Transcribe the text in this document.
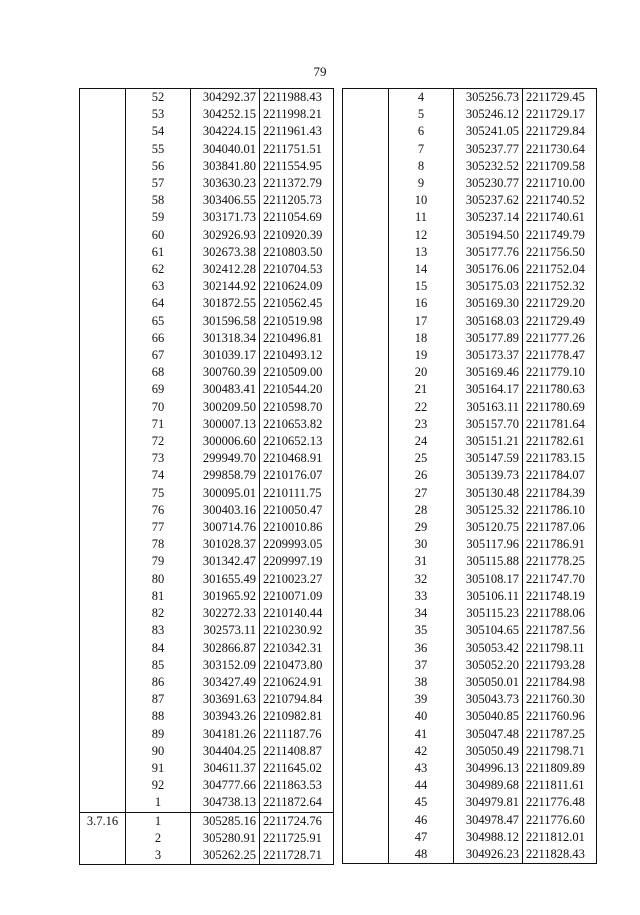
79
	52	304292.37	2211988.43
	53	304252.15	2211998.21
	54	304224.15	2211961.43
	55	304040.01	2211751.51
	56	303841.80	2211554.95
	57	303630.23	2211372.79
	58	303406.55	2211205.73
	59	303171.73	2211054.69
	60	302926.93	2210920.39
	61	302673.38	2210803.50
	62	302412.28	2210704.53
	63	302144.92	2210624.09
	64	301872.55	2210562.45
	65	301596.58	2210519.98
	66	301318.34	2210496.81
	67	301039.17	2210493.12
	68	300760.39	2210509.00
	69	300483.41	2210544.20
	70	300209.50	2210598.70
	71	300007.13	2210653.82
	72	300006.60	2210652.13
	73	299949.70	2210468.91
	74	299858.79	2210176.07
	75	300095.01	2210111.75
	76	300403.16	2210050.47
	77	300714.76	2210010.86
	78	301028.37	2209993.05
	79	301342.47	2209997.19
	80	301655.49	2210023.27
	81	301965.92	2210071.09
	82	302272.33	2210140.44
	83	302573.11	2210230.92
	84	302866.87	2210342.31
	85	303152.09	2210473.80
	86	303427.49	2210624.91
	87	303691.63	2210794.84
	88	303943.26	2210982.81
	89	304181.26	2211187.76
	90	304404.25	2211408.87
	91	304611.37	2211645.02
	92	304777.66	2211863.53
	1	304738.13	2211872.64
3.7.16	1	305285.16	2211724.76
	2	305280.91	2211725.91
	3	305262.25	2211728.71
	4	305256.73	2211729.45
	5	305246.12	2211729.17
	6	305241.05	2211729.84
	7	305237.77	2211730.64
	8	305232.52	2211709.58
	9	305230.77	2211710.00
	10	305237.62	2211740.52
	11	305237.14	2211740.61
	12	305194.50	2211749.79
	13	305177.76	2211756.50
	14	305176.06	2211752.04
	15	305175.03	2211752.32
	16	305169.30	2211729.20
	17	305168.03	2211729.49
	18	305177.89	2211777.26
	19	305173.37	2211778.47
	20	305169.46	2211779.10
	21	305164.17	2211780.63
	22	305163.11	2211780.69
	23	305157.70	2211781.64
	24	305151.21	2211782.61
	25	305147.59	2211783.15
	26	305139.73	2211784.07
	27	305130.48	2211784.39
	28	305125.32	2211786.10
	29	305120.75	2211787.06
	30	305117.96	2211786.91
	31	305115.88	2211778.25
	32	305108.17	2211747.70
	33	305106.11	2211748.19
	34	305115.23	2211788.06
	35	305104.65	2211787.56
	36	305053.42	2211798.11
	37	305052.20	2211793.28
	38	305050.01	2211784.98
	39	305043.73	2211760.30
	40	305040.85	2211760.96
	41	305047.48	2211787.25
	42	305050.49	2211798.71
	43	304996.13	2211809.89
	44	304989.68	2211811.61
	45	304979.81	2211776.48
	46	304978.47	2211776.60
	47	304988.12	2211812.01
	48	304926.23	2211828.43
